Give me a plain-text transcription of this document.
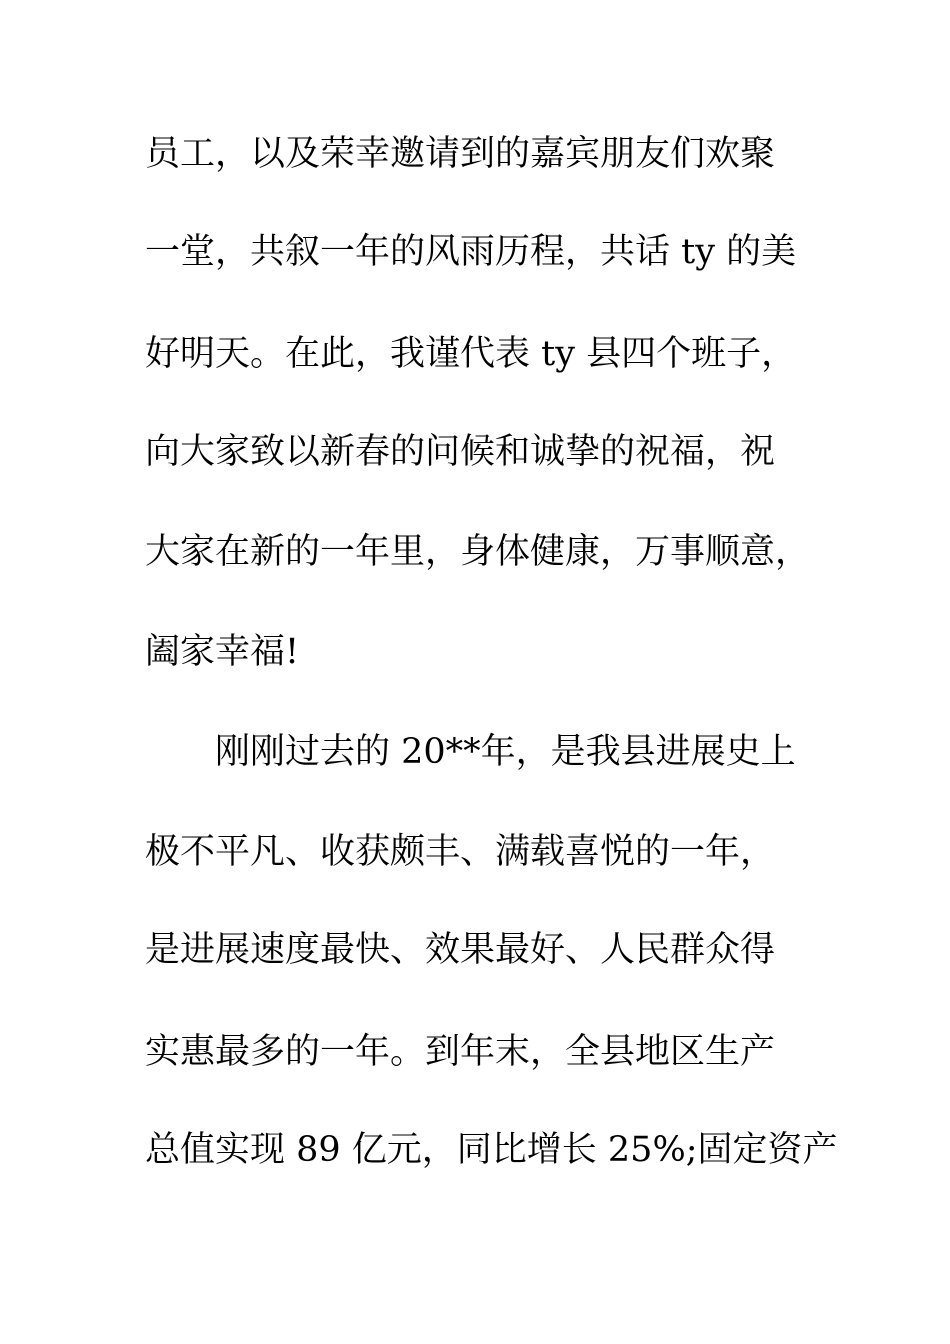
员工，以及荣幸邀请到的嘉宾朋友们欢聚
一堂，共叙一年的风雨历程，共话 ty 的美
好明天。在此，我谨代表 ty 县四个班子，
向大家致以新春的问候和诚挚的祝福，祝
大家在新的一年里，身体健康，万事顺意，
阖家幸福!
刚刚过去的 20**年，是我县进展史上
极不平凡、收获颇丰、满载喜悦的一年，
是进展速度最快、效果最好、人民群众得
实惠最多的一年。到年末，全县地区生产
总值实现 89 亿元，同比增长 25%;固定资产
